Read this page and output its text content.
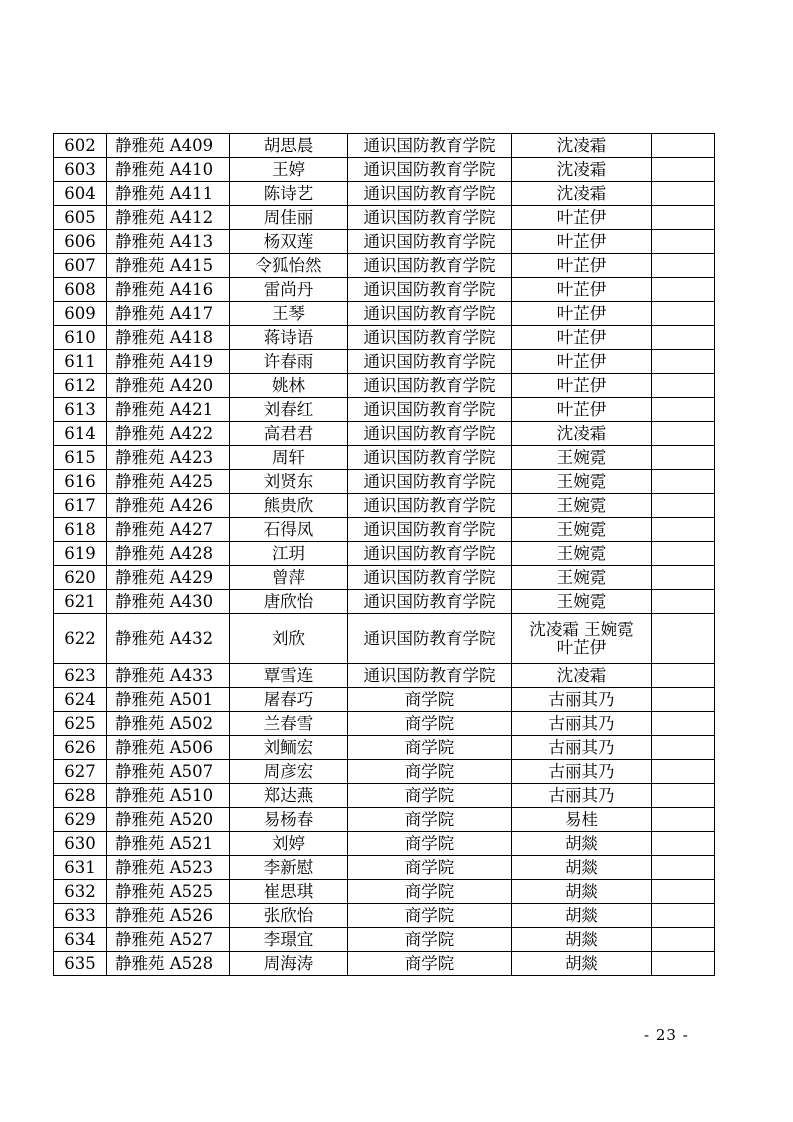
602	静雅苑 A409	胡思晨	通识国防教育学院	沈凌霜	

603	静雅苑 A410	王婷	通识国防教育学院	沈凌霜	

604	静雅苑 A411	陈诗艺	通识国防教育学院	沈凌霜	

605	静雅苑 A412	周佳丽	通识国防教育学院	叶芷伊	

606	静雅苑 A413	杨双莲	通识国防教育学院	叶芷伊	

607	静雅苑 A415	令狐怡然	通识国防教育学院	叶芷伊	

608	静雅苑 A416	雷尚丹	通识国防教育学院	叶芷伊	

609	静雅苑 A417	王琴	通识国防教育学院	叶芷伊	

610	静雅苑 A418	蒋诗语	通识国防教育学院	叶芷伊	

611	静雅苑 A419	许春雨	通识国防教育学院	叶芷伊	

612	静雅苑 A420	姚林	通识国防教育学院	叶芷伊	

613	静雅苑 A421	刘春红	通识国防教育学院	叶芷伊	

614	静雅苑 A422	高君君	通识国防教育学院	沈凌霜	

615	静雅苑 A423	周轩	通识国防教育学院	王婉霓	

616	静雅苑 A425	刘贤东	通识国防教育学院	王婉霓	

617	静雅苑 A426	熊贵欣	通识国防教育学院	王婉霓	

618	静雅苑 A427	石得凤	通识国防教育学院	王婉霓	

619	静雅苑 A428	江玥	通识国防教育学院	王婉霓	

620	静雅苑 A429	曾萍	通识国防教育学院	王婉霓	

621	静雅苑 A430	唐欣怡	通识国防教育学院	王婉霓	

622	静雅苑 A432	刘欣	通识国防教育学院	沈凌霜 王婉霓
叶芷伊	

623	静雅苑 A433	覃雪连	通识国防教育学院	沈凌霜	

624	静雅苑 A501	屠春巧	商学院	古丽其乃	

625	静雅苑 A502	兰春雪	商学院	古丽其乃	

626	静雅苑 A506	刘鲕宏	商学院	古丽其乃	

627	静雅苑 A507	周彦宏	商学院	古丽其乃	

628	静雅苑 A510	郑达燕	商学院	古丽其乃	

629	静雅苑 A520	易杨春	商学院	易桂	

630	静雅苑 A521	刘婷	商学院	胡燚	

631	静雅苑 A523	李新慰	商学院	胡燚	

632	静雅苑 A525	崔思琪	商学院	胡燚	

633	静雅苑 A526	张欣怡	商学院	胡燚	

634	静雅苑 A527	李璟宜	商学院	胡燚	

635	静雅苑 A528	周海涛	商学院	胡燚	

- 23 -
